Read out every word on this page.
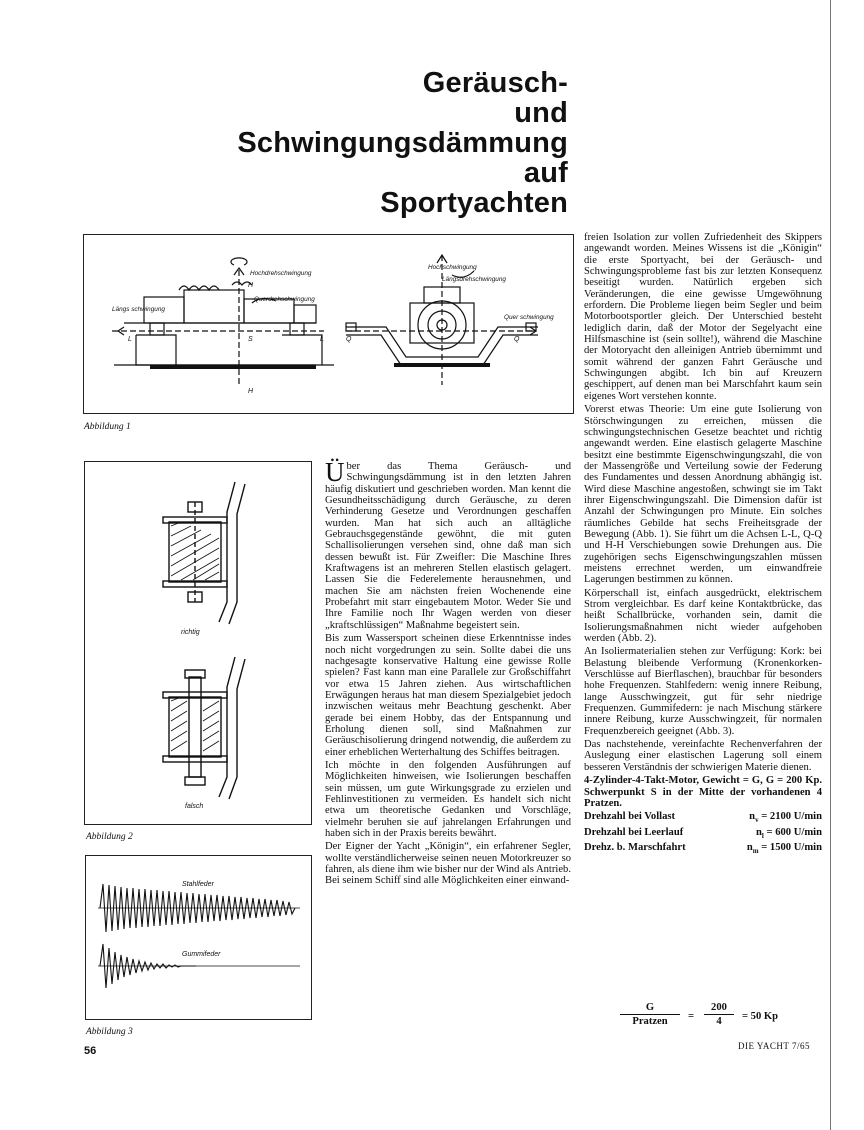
Geräusch-
und
Schwingungsdämmung
auf
Sportyachten
Hochdrehschwingung
Querdrehschwingung
Längs schwingung
Hochschwingung
Längsdrehschwingung
Quer schwingung
H
H
S
L	L	Q	Q
Abbildung 1
richtig
falsch
Abbildung 2
Stahlfeder
Gummifeder
Abbildung 3

Über das Thema Geräusch- und Schwingungsdämmung ist in den letzten Jahren häufig diskutiert und geschrieben worden. Man kennt die Gesundheitsschädigung durch Geräusche, zu deren Verhinderung Gesetze und Verordnungen geschaffen wurden. Man hat sich auch an alltägliche Gebrauchsgegenstände gewöhnt, die mit guten Schallisolierungen versehen sind, ohne daß man sich dessen bewußt ist. Für Zweifler: Die Maschine Ihres Kraftwagens ist an mehreren Stellen elastisch gelagert. Lassen Sie die Federelemente herausnehmen, und machen Sie am nächsten freien Wochenende eine Probefahrt mit starr eingebautem Motor. Weder Sie und Ihre Familie noch Ihr Wagen werden von dieser „kraftschlüssigen“ Maßnahme begeistert sein.

Bis zum Wassersport scheinen diese Erkenntnisse indes noch nicht vorgedrungen zu sein. Sollte dabei die uns nachgesagte konservative Haltung eine gewisse Rolle spielen? Fast kann man eine Parallele zur Großschiffahrt vor etwa 15 Jahren ziehen. Aus wirtschaftlichen Erwägungen heraus hat man diesem Spezialgebiet jedoch inzwischen weitaus mehr Beachtung geschenkt. Aber gerade bei einem Hobby, das der Entspannung und Erholung dienen soll, sind Maßnahmen zur Geräuschisolierung dringend notwendig, die außerdem zu einer erheblichen Werterhaltung des Schiffes beitragen.

Ich möchte in den folgenden Ausführungen auf Möglichkeiten hinweisen, wie Isolierungen beschaffen sein müssen, um gute Wirkungsgrade zu erzielen und Fehlinvestitionen zu vermeiden. Es handelt sich nicht etwa um theoretische Gedanken und Vorschläge, vielmehr beruhen sie auf jahrelangen Erfahrungen und haben sich in der Praxis bereits bewährt.

Der Eigner der Yacht „Königin“, ein erfahrener Segler, wollte verständlicherweise seinen neuen Motorkreuzer so fahren, als diene ihm wie bisher nur der Wind als Antrieb. Bei seinem Schiff sind alle Möglichkeiten einer einwand-

freien Isolation zur vollen Zufriedenheit des Skippers angewandt worden. Meines Wissens ist die „Königin“ die erste Sportyacht, bei der Geräusch- und Schwingungsprobleme fast bis zur letzten Konsequenz beseitigt wurden. Natürlich ergeben sich Veränderungen, die eine gewisse Umgewöhnung erfordern. Die Probleme liegen beim Segler und beim Motorbootsportler gleich. Der Unterschied besteht lediglich darin, daß der Motor der Segelyacht eine Hilfsmaschine ist (sein sollte!), während die Maschine der Motoryacht den alleinigen Antrieb übernimmt und somit während der ganzen Fahrt Geräusche und Schwingungen abgibt. Ich bin auf Kreuzern geschippert, auf denen man bei Marschfahrt kaum sein eigenes Wort verstehen konnte.

Vorerst etwas Theorie: Um eine gute Isolierung von Störschwingungen zu erreichen, müssen die schwingungstechnischen Gesetze beachtet und richtig angewandt werden. Eine elastisch gelagerte Maschine besitzt eine bestimmte Eigenschwingungszahl, die von der Massengröße und Verteilung sowie der Federung des Fundamentes und dessen Anordnung abhängig ist. Wird diese Maschine angestoßen, schwingt sie im Takt ihrer Eigenschwingungszahl. Die Dimension dafür ist Anzahl der Schwingungen pro Minute. Ein solches räumliches Gebilde hat sechs Freiheitsgrade der Bewegung (Abb. 1). Sie führt um die Achsen L-L, Q-Q und H-H Verschiebungen sowie Drehungen aus. Die zugehörigen sechs Eigenschwingungszahlen müssen meistens errechnet werden, um einwandfreie Lagerungen bestimmen zu können.

Körperschall ist, einfach ausgedrückt, elektrischem Strom vergleichbar. Es darf keine Kontaktbrücke, das heißt Schallbrücke, vorhanden sein, damit die Isolierungsmaßnahmen nicht wieder aufgehoben werden (Abb. 2).

An Isoliermaterialien stehen zur Verfügung: Kork: bei Belastung bleibende Verformung (Kronenkorken-Verschlüsse auf Bierflaschen), brauchbar für besonders hohe Frequenzen. Stahlfedern: wenig innere Reibung, lange Ausschwingzeit, gut für sehr niedrige Frequenzen. Gummifedern: je nach Mischung stärkere innere Reibung, kurze Ausschwingzeit, für normalen Frequenzbereich geeignet (Abb. 3).

Das nachstehende, vereinfachte Rechenverfahren der Auslegung einer elastischen Lagerung soll einem besseren Verständnis der schwierigen Materie dienen.

4-Zylinder-4-Takt-Motor, Gewicht = G, G = 200 Kp. Schwerpunkt S in der Mitte der vorhandenen 4 Pratzen.

Drehzahl bei Vollast	$n_v = 2100$ U/min
Drehzahl bei Leerlauf	$n_l = 600$ U/min
Drehz. b. Marschfahrt	$n_m = 1500$ U/min
G
Pratzen	=
200
4	= 50 Kp
56	DIE YACHT 7/65
